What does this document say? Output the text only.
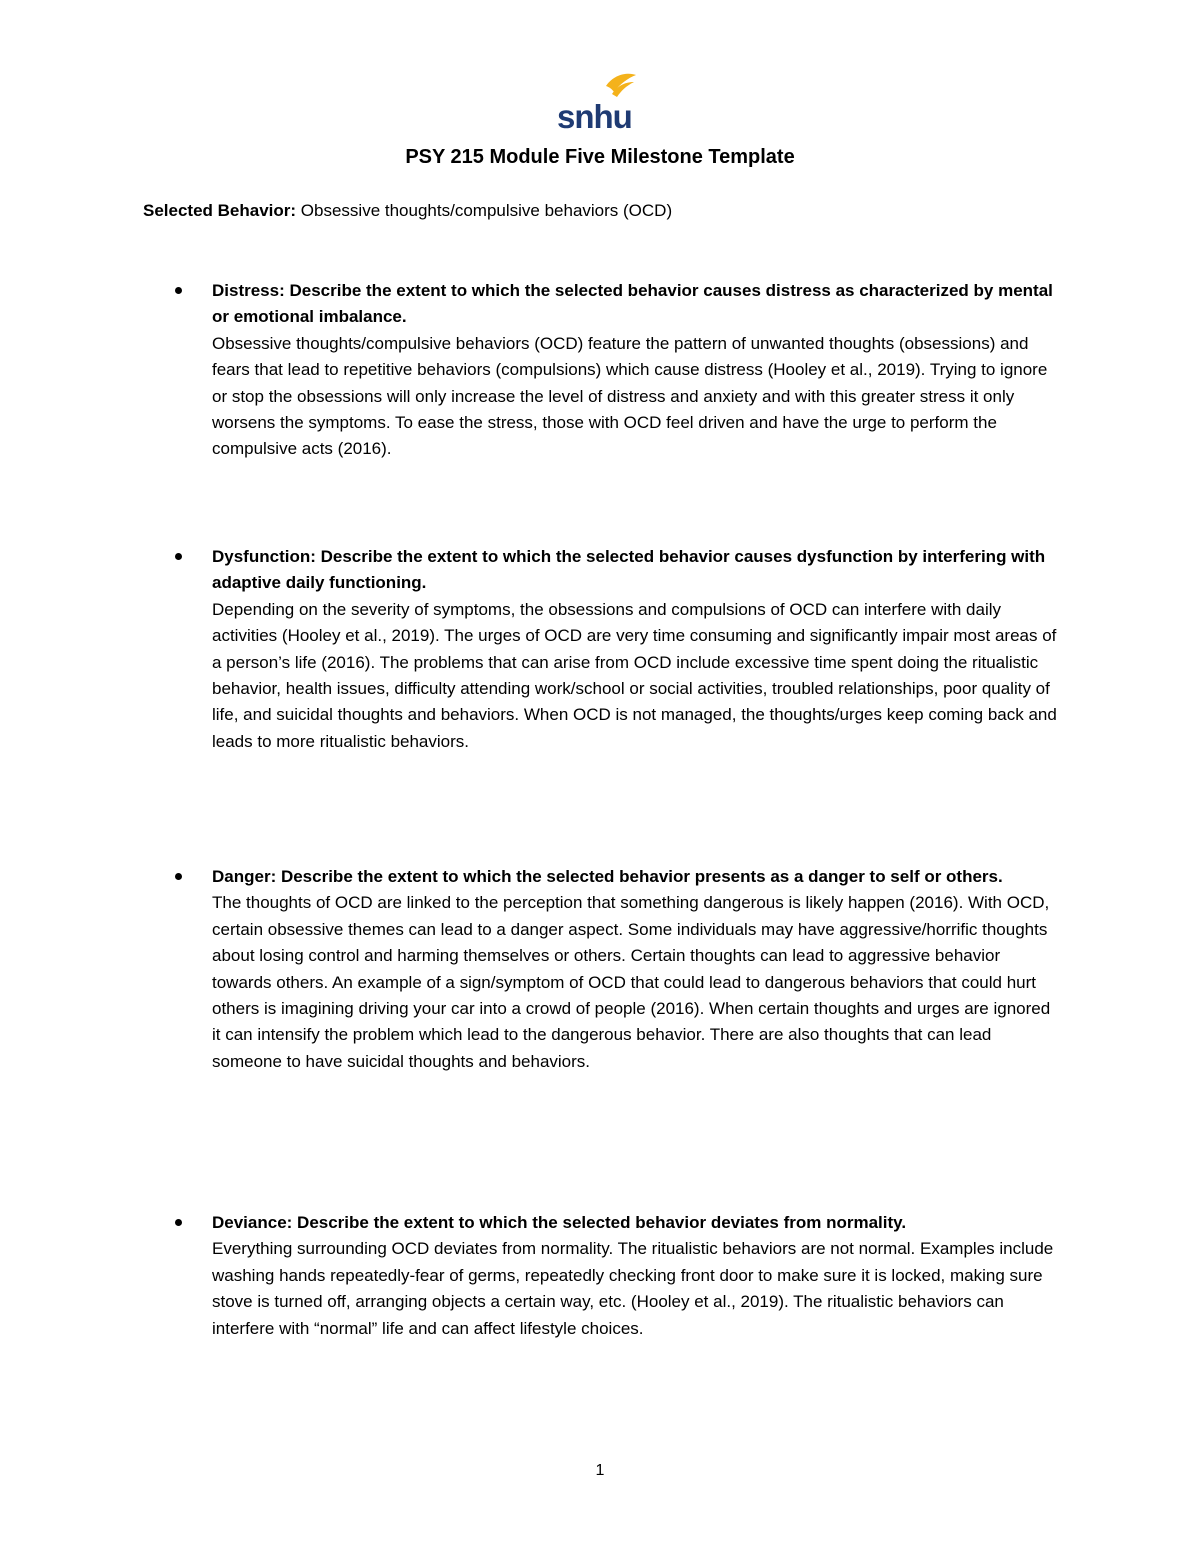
snhu
PSY 215 Module Five Milestone Template
Selected Behavior: Obsessive thoughts/compulsive behaviors (OCD)
Distress: Describe the extent to which the selected behavior causes distress as characterized by mental or emotional imbalance.
Obsessive thoughts/compulsive behaviors (OCD) feature the pattern of unwanted thoughts (obsessions) and fears that lead to repetitive behaviors (compulsions) which cause distress (Hooley et al., 2019). Trying to ignore or stop the obsessions will only increase the level of distress and anxiety and with this greater stress it only worsens the symptoms. To ease the stress, those with OCD feel driven and have the urge to perform the compulsive acts (2016).
Dysfunction: Describe the extent to which the selected behavior causes dysfunction by interfering with adaptive daily functioning.
Depending on the severity of symptoms, the obsessions and compulsions of OCD can interfere with daily activities (Hooley et al., 2019). The urges of OCD are very time consuming and significantly impair most areas of a person’s life (2016). The problems that can arise from OCD include excessive time spent doing the ritualistic behavior, health issues, difficulty attending work/school or social activities, troubled relationships, poor quality of life, and suicidal thoughts and behaviors. When OCD is not managed, the thoughts/urges keep coming back and leads to more ritualistic behaviors.
Danger: Describe the extent to which the selected behavior presents as a danger to self or others.
The thoughts of OCD are linked to the perception that something dangerous is likely happen (2016). With OCD, certain obsessive themes can lead to a danger aspect. Some individuals may have aggressive/horrific thoughts about losing control and harming themselves or others. Certain thoughts can lead to aggressive behavior towards others. An example of a sign/symptom of OCD that could lead to dangerous behaviors that could hurt others is imagining driving your car into a crowd of people (2016). When certain thoughts and urges are ignored it can intensify the problem which lead to the dangerous behavior. There are also thoughts that can lead someone to have suicidal thoughts and behaviors.
Deviance: Describe the extent to which the selected behavior deviates from normality.
Everything surrounding OCD deviates from normality. The ritualistic behaviors are not normal. Examples include washing hands repeatedly-fear of germs, repeatedly checking front door to make sure it is locked, making sure stove is turned off, arranging objects a certain way, etc. (Hooley et al., 2019). The ritualistic behaviors can interfere with “normal” life and can affect lifestyle choices.
1
